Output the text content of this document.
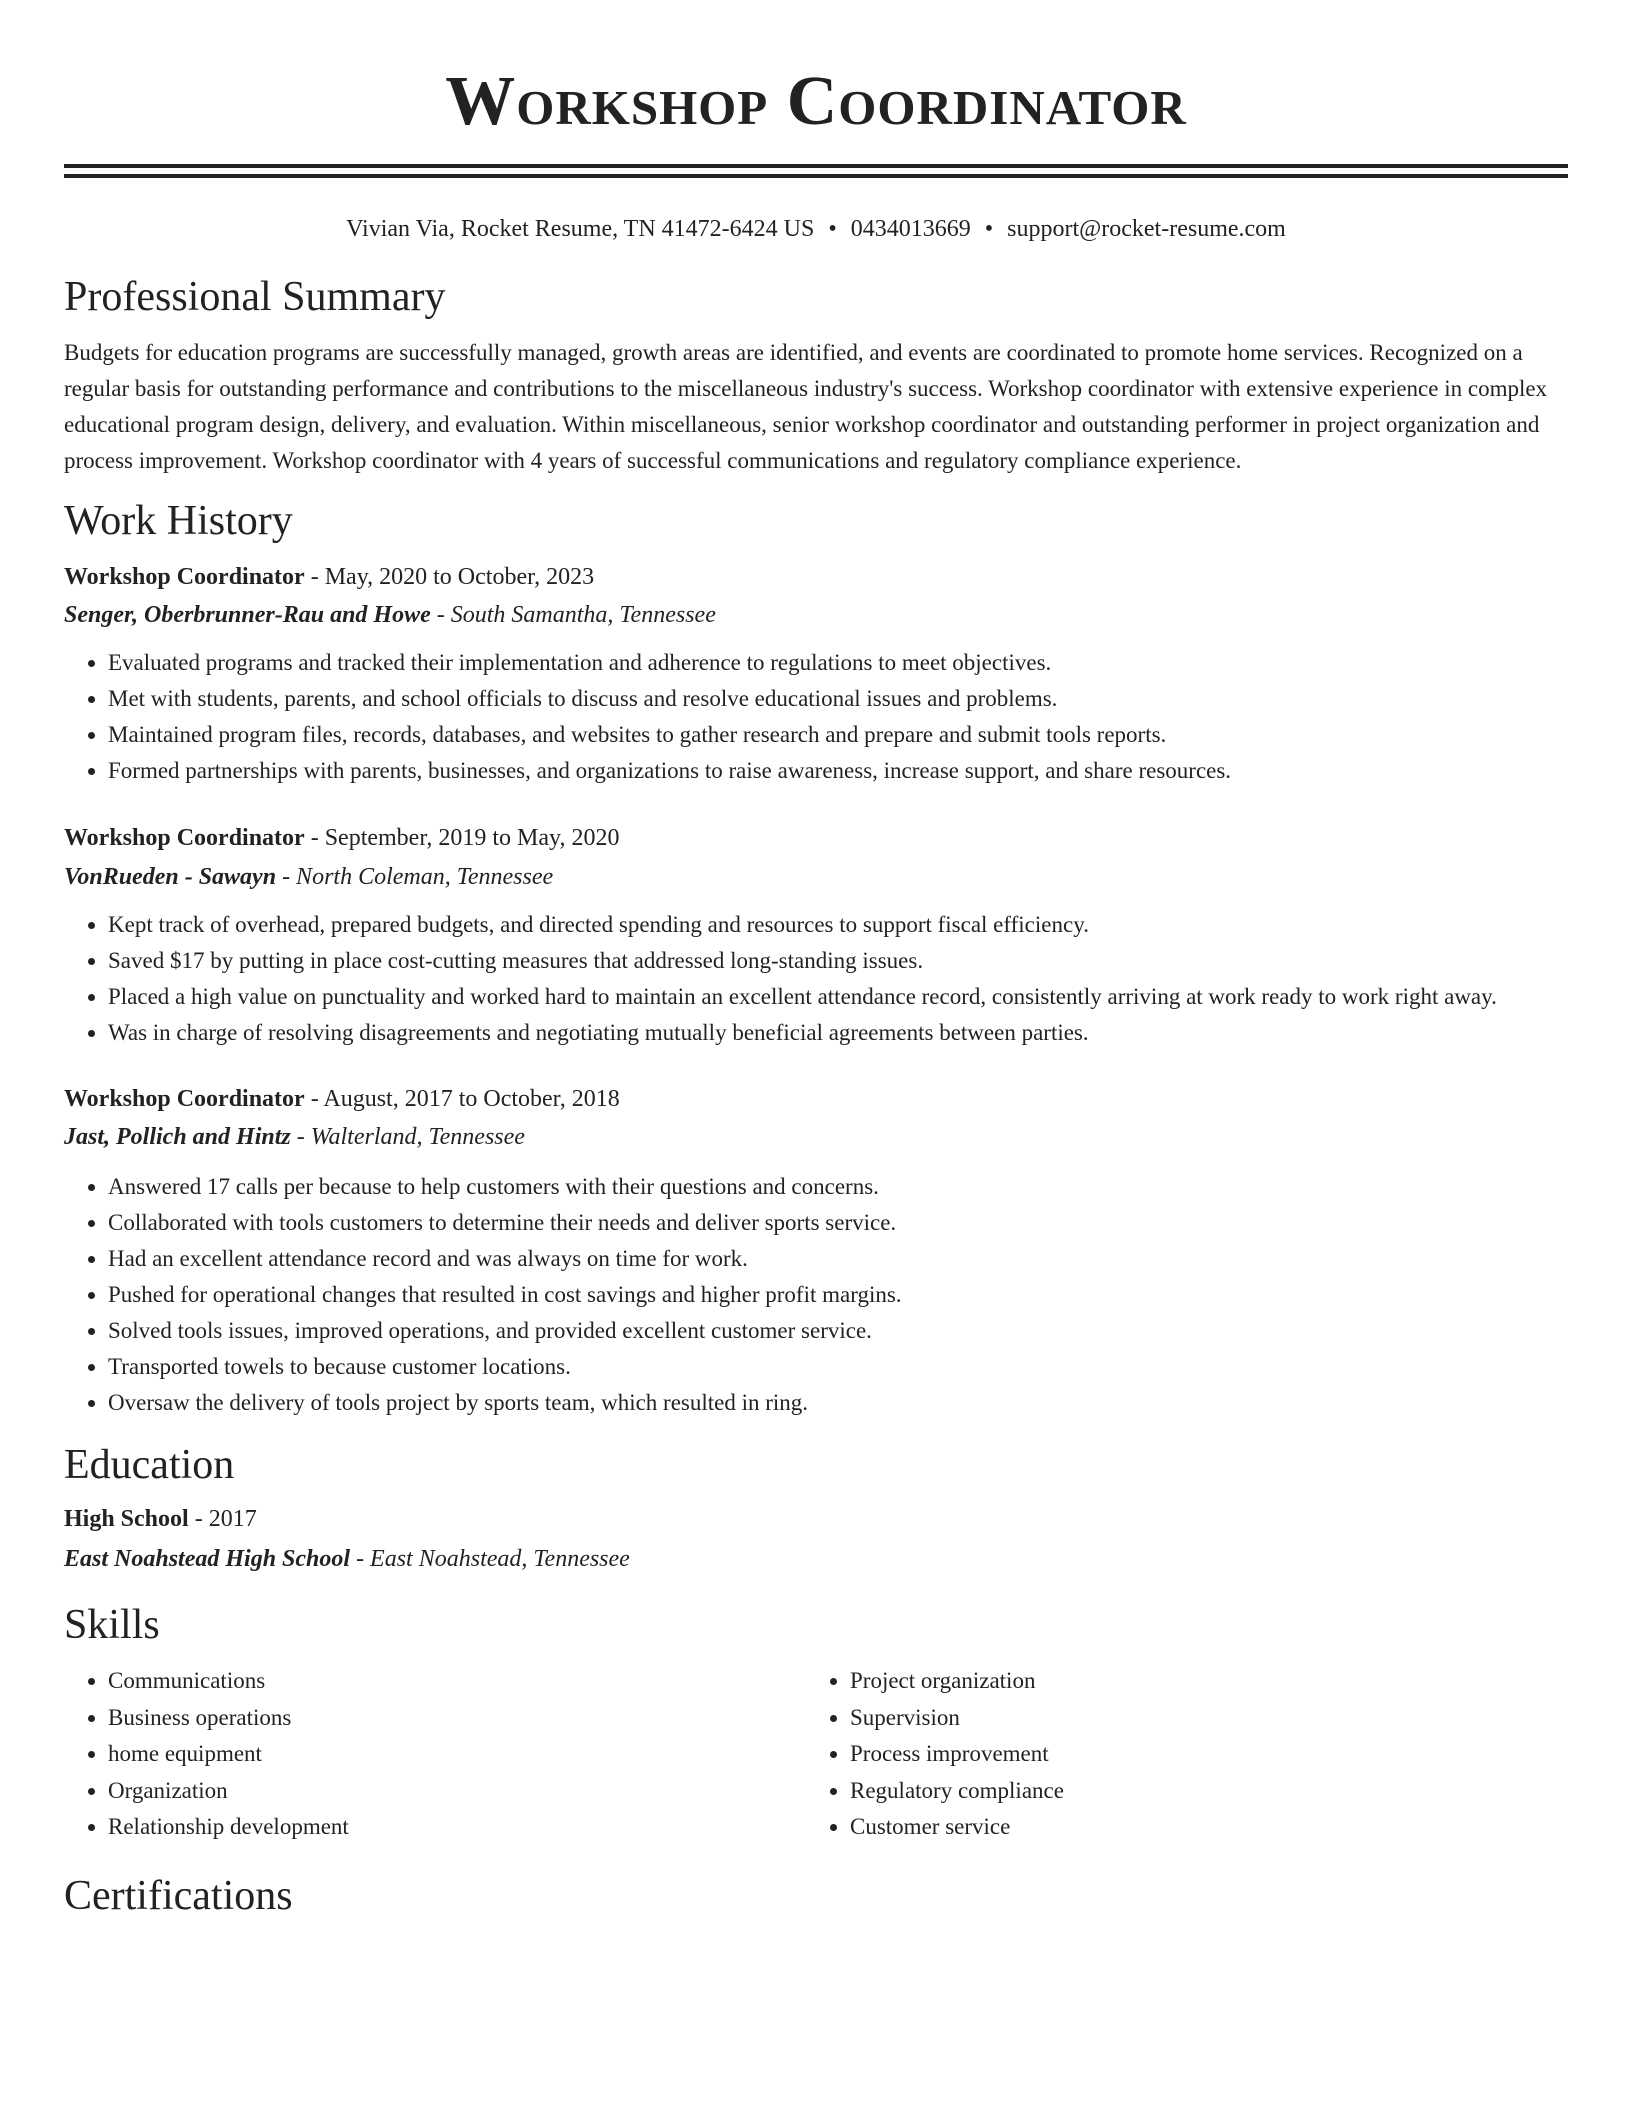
Workshop Coordinator
Vivian Via, Rocket Resume, TN 41472-6424 US • 0434013669 • support@rocket-resume.com
Professional Summary

Budgets for education programs are successfully managed, growth areas are identified, and events are coordinated to promote home services. Recognized on a regular basis for outstanding performance and contributions to the miscellaneous industry's success. Workshop coordinator with extensive experience in complex educational program design, delivery, and evaluation. Within miscellaneous, senior workshop coordinator and outstanding performer in project organization and process improvement. Workshop coordinator with 4 years of successful communications and regulatory compliance experience.

Work History
Workshop Coordinator - May, 2020 to October, 2023
Senger, Oberbrunner-Rau and Howe - South Samantha, Tennessee
• Evaluated programs and tracked their implementation and adherence to regulations to meet objectives.
• Met with students, parents, and school officials to discuss and resolve educational issues and problems.
• Maintained program files, records, databases, and websites to gather research and prepare and submit tools reports.
• Formed partnerships with parents, businesses, and organizations to raise awareness, increase support, and share resources.
Workshop Coordinator - September, 2019 to May, 2020
VonRueden - Sawayn - North Coleman, Tennessee
• Kept track of overhead, prepared budgets, and directed spending and resources to support fiscal efficiency.
• Saved $17 by putting in place cost-cutting measures that addressed long-standing issues.
• Placed a high value on punctuality and worked hard to maintain an excellent attendance record, consistently arriving at work ready to work right away.
• Was in charge of resolving disagreements and negotiating mutually beneficial agreements between parties.
Workshop Coordinator - August, 2017 to October, 2018
Jast, Pollich and Hintz - Walterland, Tennessee
• Answered 17 calls per because to help customers with their questions and concerns.
• Collaborated with tools customers to determine their needs and deliver sports service.
• Had an excellent attendance record and was always on time for work.
• Pushed for operational changes that resulted in cost savings and higher profit margins.
• Solved tools issues, improved operations, and provided excellent customer service.
• Transported towels to because customer locations.
• Oversaw the delivery of tools project by sports team, which resulted in ring.
Education
High School - 2017
East Noahstead High School - East Noahstead, Tennessee
Skills
• Communications
• Business operations
• home equipment
• Organization
• Relationship development
• Project organization
• Supervision
• Process improvement
• Regulatory compliance
• Customer service
Certifications
